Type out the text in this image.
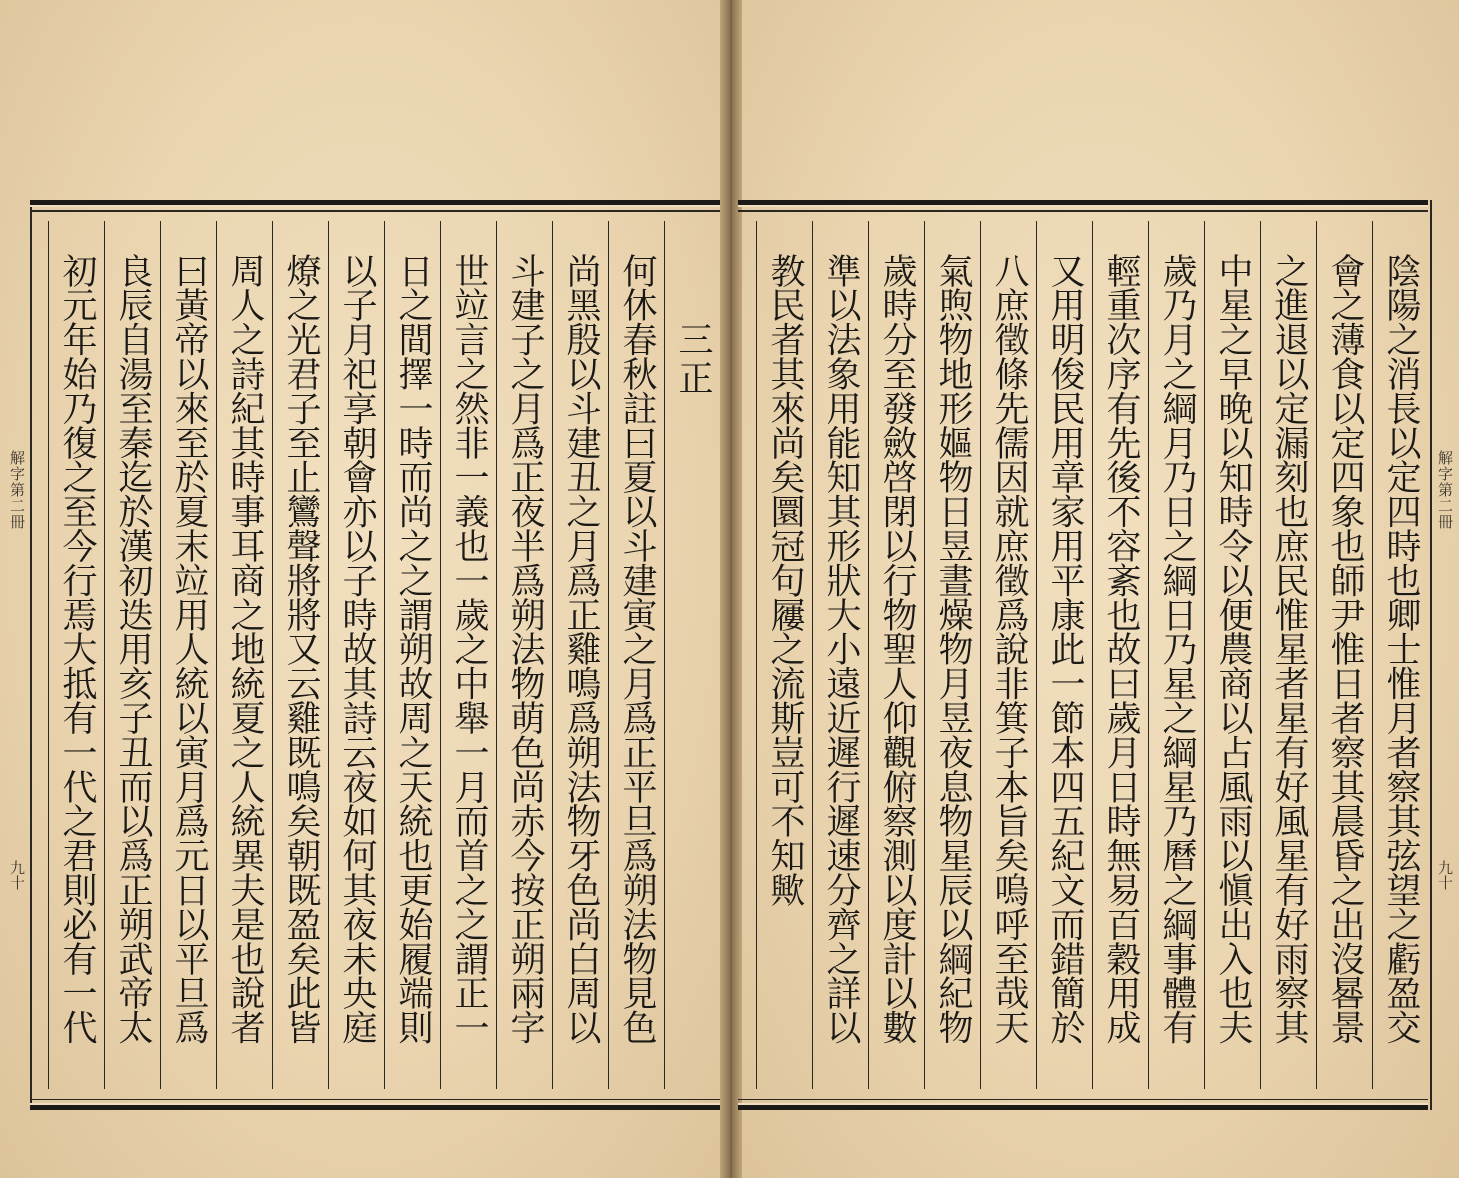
解字第二冊
九十
解字第二冊
九十
三正
何休春秋註曰夏以斗建寅之月爲正平旦爲朔法物見色
尚黑殷以斗建丑之月爲正雞鳴爲朔法物牙色尚白周以
斗建子之月爲正夜半爲朔法物萌色尚赤今按正朔兩字
世竝言之然非一義也一歲之中舉一月而首之之謂正一
日之間擇一時而尚之之謂朔故周之天統也更始履端則
以子月祀享朝會亦以子時故其詩云夜如何其夜未央庭
燎之光君子至止鸞聲將將又云雞既鳴矣朝既盈矣此皆
周人之詩紀其時事耳商之地統夏之人統異夫是也說者
曰黃帝以來至於夏末竝用人統以寅月爲元日以平旦爲
良辰自湯至秦迄於漢初迭用亥子丑而以爲正朔武帝太
初元年始乃復之至今行焉大抵有一代之君則必有一代	陰陽之消長以定四時也卿士惟月者察其弦望之虧盈交
會之薄食以定四象也師尹惟日者察其晨昏之出沒晷景
之進退以定漏刻也庶民惟星者星有好風星有好雨察其
中星之早晚以知時令以便農商以占風雨以愼出入也夫
歲乃月之綱月乃日之綱日乃星之綱星乃曆之綱事體有
輕重次序有先後不容紊也故曰歲月日時無易百穀用成
又用明俊民用章家用平康此一節本四五紀文而錯簡於
八庶徵條先儒因就庶徵爲說非箕子本旨矣嗚呼至哉天
氣煦物地形嫗物日昱晝燥物月昱夜息物星辰以綱紀物
歲時分至發斂啓閉以行物聖人仰觀俯察測以度計以數
準以法象用能知其形狀大小遠近遲行遲速分齊之詳以
教民者其來尚矣圜冠句屨之流斯豈可不知歟
